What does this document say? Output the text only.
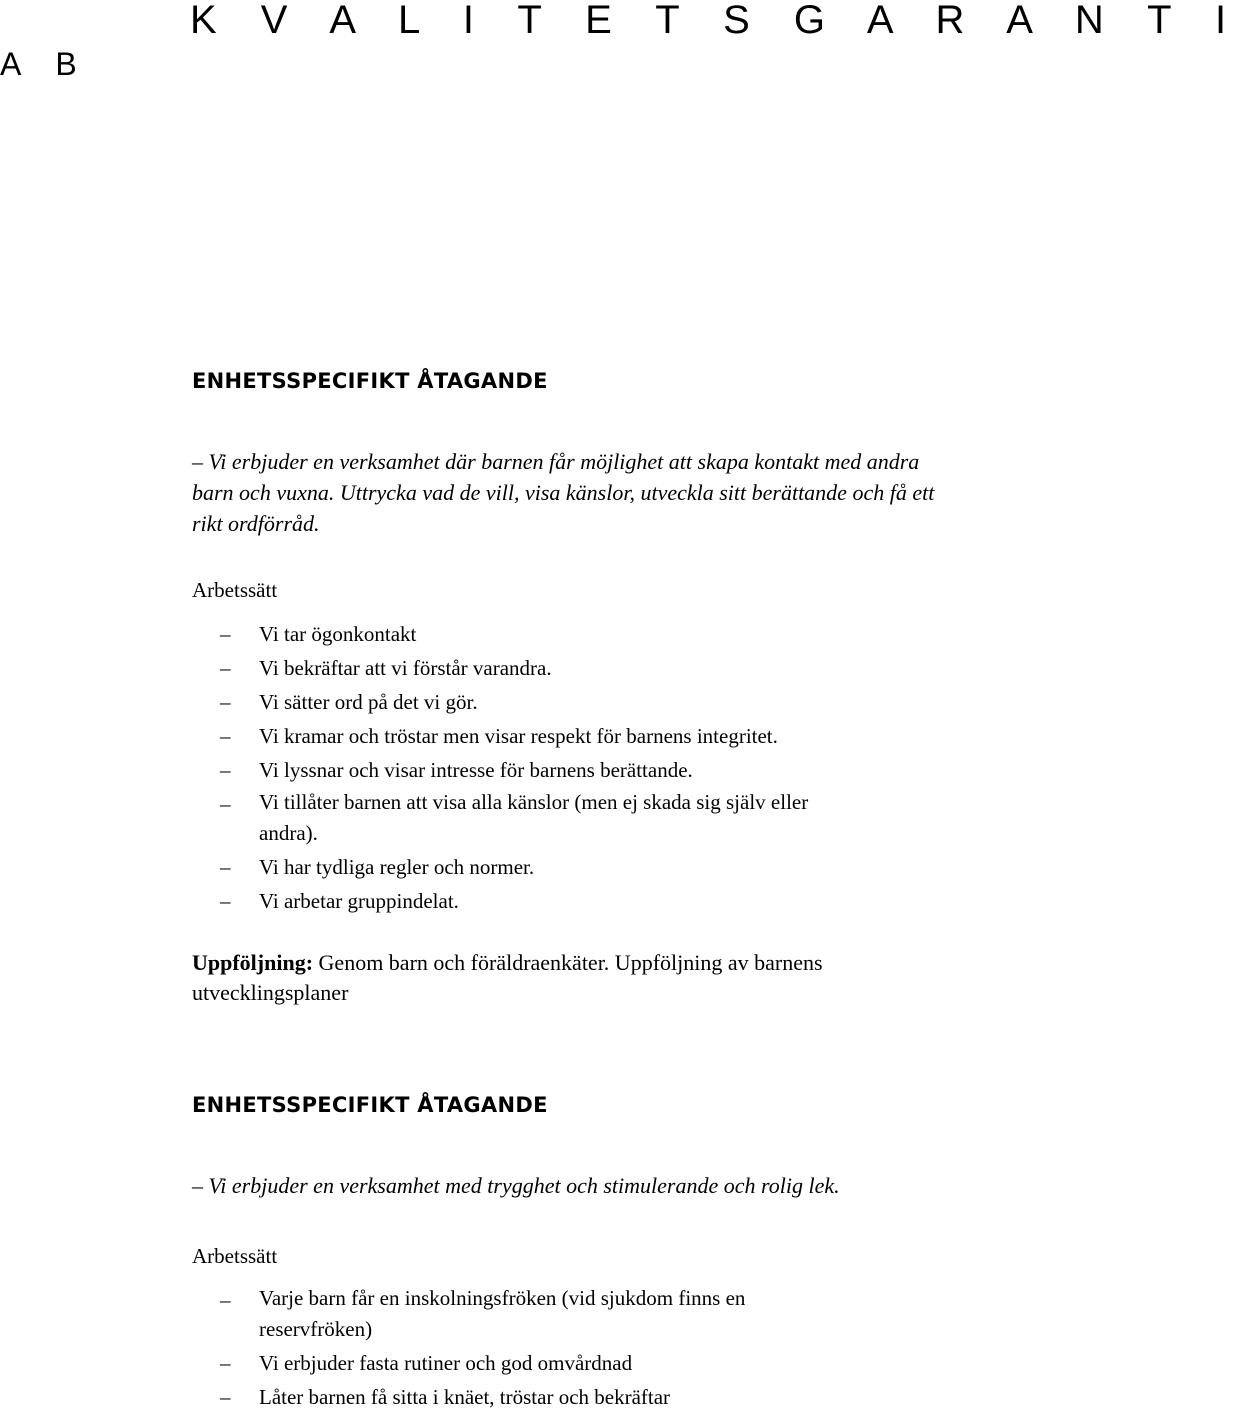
K V A L I T E T S G A R A N T I
A B
ENHETSSPECIFIKT ÅTAGANDE
– Vi erbjuder en verksamhet där barnen får möjlighet att skapa kontakt med andra barn och vuxna. Uttrycka vad de vill, visa känslor, utveckla sitt berättande och få ett rikt ordförråd.
Arbetssätt
– Vi tar ögonkontakt
– Vi bekräftar att vi förstår varandra.
– Vi sätter ord på det vi gör.
– Vi kramar och tröstar men visar respekt för barnens integritet.
– Vi lyssnar och visar intresse för barnens berättande.
– Vi tillåter barnen att visa alla känslor (men ej skada sig själv eller andra).
– Vi har tydliga regler och normer.
– Vi arbetar gruppindelat.
Uppföljning: Genom barn och föräldraenkäter. Uppföljning av barnens utvecklingsplaner
ENHETSSPECIFIKT ÅTAGANDE
– Vi erbjuder en verksamhet med trygghet och stimulerande och rolig lek.
Arbetssätt
– Varje barn får en inskolningsfröken (vid sjukdom finns en reservfröken)
– Vi erbjuder fasta rutiner och god omvårdnad
– Låter barnen få sitta i knäet, tröstar och bekräftar
